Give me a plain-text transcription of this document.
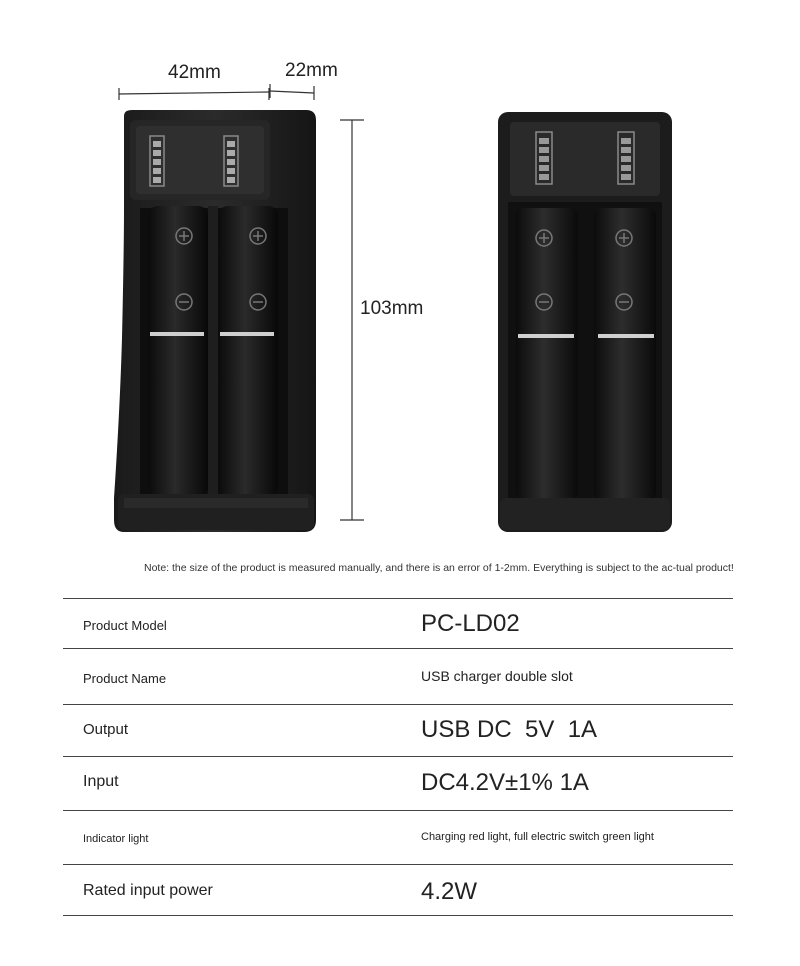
42mm	22mm
103mm
Note: the size of the product is measured manually, and there is an error of 1-2mm. Everything is subject to the ac-tual product!
Product Model	PC-LD02
Product Name	USB charger double slot
Output	USB DC  5V  1A
Input	DC4.2V±1% 1A
Indicator light	Charging red light, full electric switch green light
Rated input power	4.2W
